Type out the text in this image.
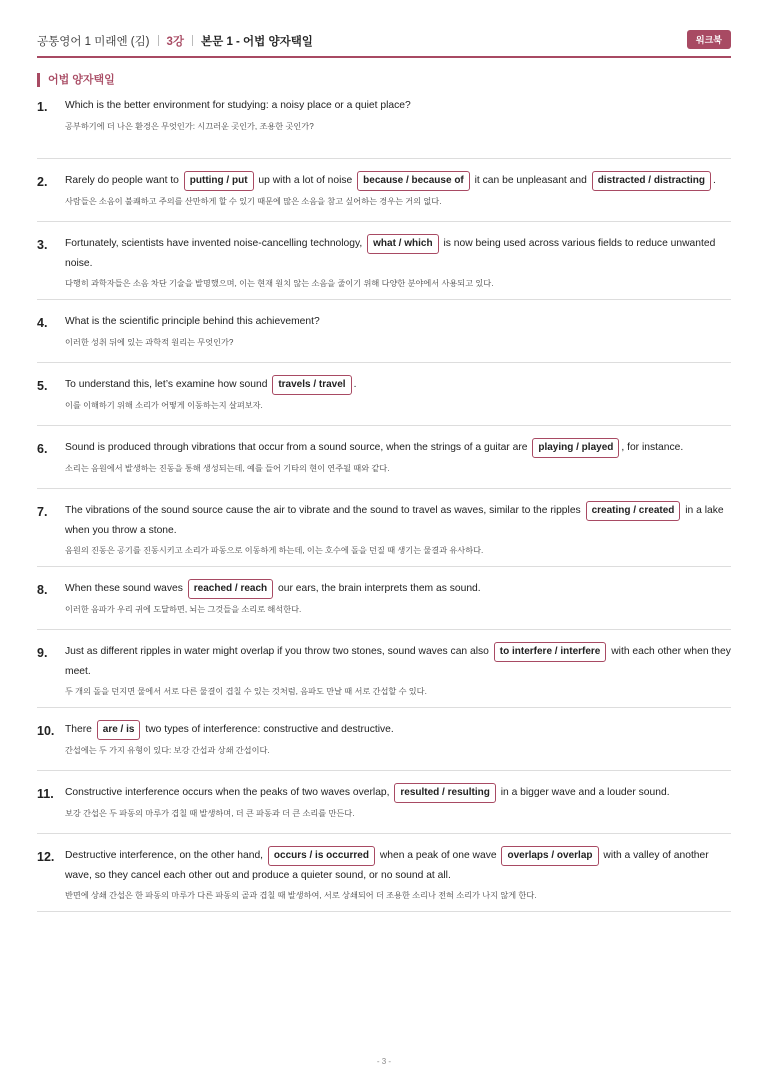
공통영어 1 미래엔 (김) 3강 본문 1 - 어법 양자택일	워크북
어법 양자택일
1. Which is the better environment for studying: a noisy place or a quiet place?
공부하기에 더 나은 환경은 무엇인가: 시끄러운 곳인가, 조용한 곳인가?
2. Rarely do people want to putting / put up with a lot of noise because / because of it can be unpleasant and distracted / distracting .
사람들은 소음이 불쾌하고 주의를 산만하게 할 수 있기 때문에 많은 소음을 참고 싶어하는 경우는 거의 없다.
3. Fortunately, scientists have invented noise-cancelling technology, what / which is now being used across various fields to reduce unwanted noise.
다행히 과학자들은 소음 차단 기술을 발명했으며, 이는 현재 원치 않는 소음을 줄이기 위해 다양한 분야에서 사용되고 있다.
4. What is the scientific principle behind this achievement?
이러한 성취 뒤에 있는 과학적 원리는 무엇인가?
5. To understand this, let’s examine how sound travels / travel .
이를 이해하기 위해 소리가 어떻게 이동하는지 살펴보자.
6. Sound is produced through vibrations that occur from a sound source, when the strings of a guitar are playing / played , for instance.
소리는 음원에서 발생하는 진동을 통해 생성되는데, 예를 들어 기타의 현이 연주될 때와 같다.
7. The vibrations of the sound source cause the air to vibrate and the sound to travel as waves, similar to the ripples creating / created in a lake when you throw a stone.
음원의 진동은 공기를 진동시키고 소리가 파동으로 이동하게 하는데, 이는 호수에 돌을 던질 때 생기는 물결과 유사하다.
8. When these sound waves reached / reach our ears, the brain interprets them as sound.
이러한 음파가 우리 귀에 도달하면, 뇌는 그것들을 소리로 해석한다.
9. Just as different ripples in water might overlap if you throw two stones, sound waves can also to interfere / interfere with each other when they meet.
두 개의 돌을 던지면 물에서 서로 다른 물결이 겹칠 수 있는 것처럼, 음파도 만날 때 서로 간섭할 수 있다.
10. There are / is two types of interference: constructive and destructive.
간섭에는 두 가지 유형이 있다: 보강 간섭과 상쇄 간섭이다.
11. Constructive interference occurs when the peaks of two waves overlap, resulted / resulting in a bigger wave and a louder sound.
보강 간섭은 두 파동의 마루가 겹칠 때 발생하며, 더 큰 파동과 더 큰 소리를 만든다.
12. Destructive interference, on the other hand, occurs / is occurred when a peak of one wave overlaps / overlap with a valley of another wave, so they cancel each other out and produce a quieter sound, or no sound at all.
반면에 상쇄 간섭은 한 파동의 마루가 다른 파동의 골과 겹칠 때 발생하여, 서로 상쇄되어 더 조용한 소리나 전혀 소리가 나지 않게 한다.
- 3 -
